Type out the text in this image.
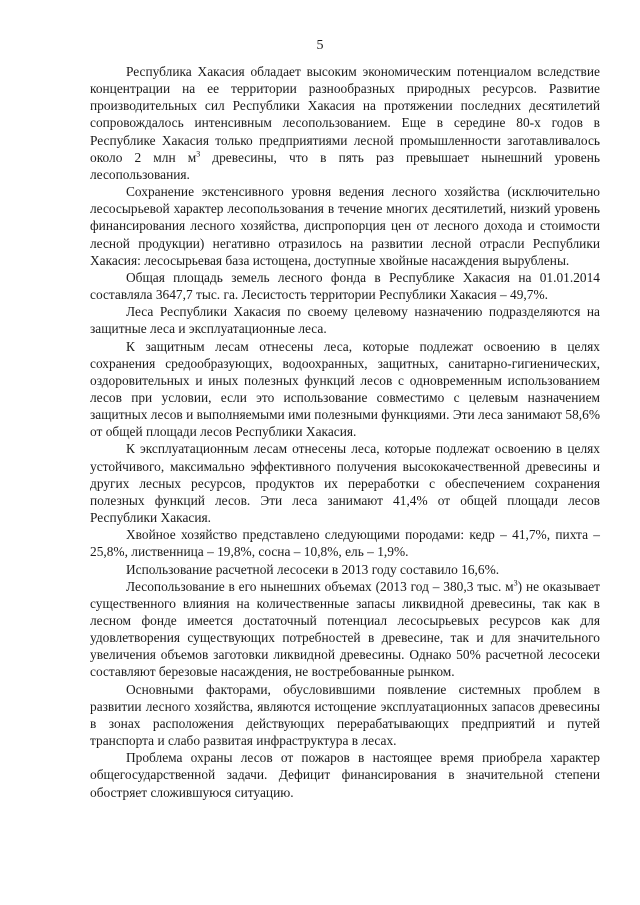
5

Республика Хакасия обладает высоким экономическим потенциалом вследствие концентрации на ее территории разнообразных природных ресурсов. Развитие производительных сил Республики Хакасия на протяжении последних десятилетий сопровождалось интенсивным лесопользованием. Еще в середине 80-х годов в Республике Хакасия только предприятиями лесной промышленности заготавливалось около 2 млн $м^3$ древесины, что в пять раз превышает нынешний уровень лесопользования.

Сохранение экстенсивного уровня ведения лесного хозяйства (исключительно лесосырьевой характер лесопользования в течение многих десятилетий, низкий уровень финансирования лесного хозяйства, диспропорция цен от лесного дохода и стоимости лесной продукции) негативно отразилось на развитии лесной отрасли Республики Хакасия: лесосырьевая база истощена, доступные хвойные насаждения вырублены.

Общая площадь земель лесного фонда в Республике Хакасия на 01.01.2014 составляла 3647,7 тыс. га. Лесистость территории Республики Хакасия – 49,7%.

Леса Республики Хакасия по своему целевому назначению подразделяются на защитные леса и эксплуатационные леса.

К защитным лесам отнесены леса, которые подлежат освоению в целях сохранения средообразующих, водоохранных, защитных, санитарно-гигиенических, оздоровительных и иных полезных функций лесов с одновременным использованием лесов при условии, если это использование совместимо с целевым назначением защитных лесов и выполняемыми ими полезными функциями. Эти леса занимают 58,6% от общей площади лесов Республики Хакасия.

К эксплуатационным лесам отнесены леса, которые подлежат освоению в целях устойчивого, максимально эффективного получения высококачественной древесины и других лесных ресурсов, продуктов их переработки с обеспечением сохранения полезных функций лесов. Эти леса занимают 41,4% от общей площади лесов Республики Хакасия.

Хвойное хозяйство представлено следующими породами: кедр – 41,7%, пихта – 25,8%, лиственница – 19,8%, сосна – 10,8%, ель – 1,9%.

Использование расчетной лесосеки в 2013 году составило 16,6%.

Лесопользование в его нынешних объемах (2013 год – 380,3 тыс. $м^3$) не оказывает существенного влияния на количественные запасы ликвидной древесины, так как в лесном фонде имеется достаточный потенциал лесосырьевых ресурсов как для удовлетворения существующих потребностей в древесине, так и для значительного увеличения объемов заготовки ликвидной древесины. Однако 50% расчетной лесосеки составляют березовые насаждения, не востребованные рынком.

Основными факторами, обусловившими появление системных проблем в развитии лесного хозяйства, являются истощение эксплуатационных запасов древесины в зонах расположения действующих перерабатывающих предприятий и путей транспорта и слабо развитая инфраструктура в лесах.

Проблема охраны лесов от пожаров в настоящее время приобрела характер общегосударственной задачи. Дефицит финансирования в значительной степени обостряет сложившуюся ситуацию.
